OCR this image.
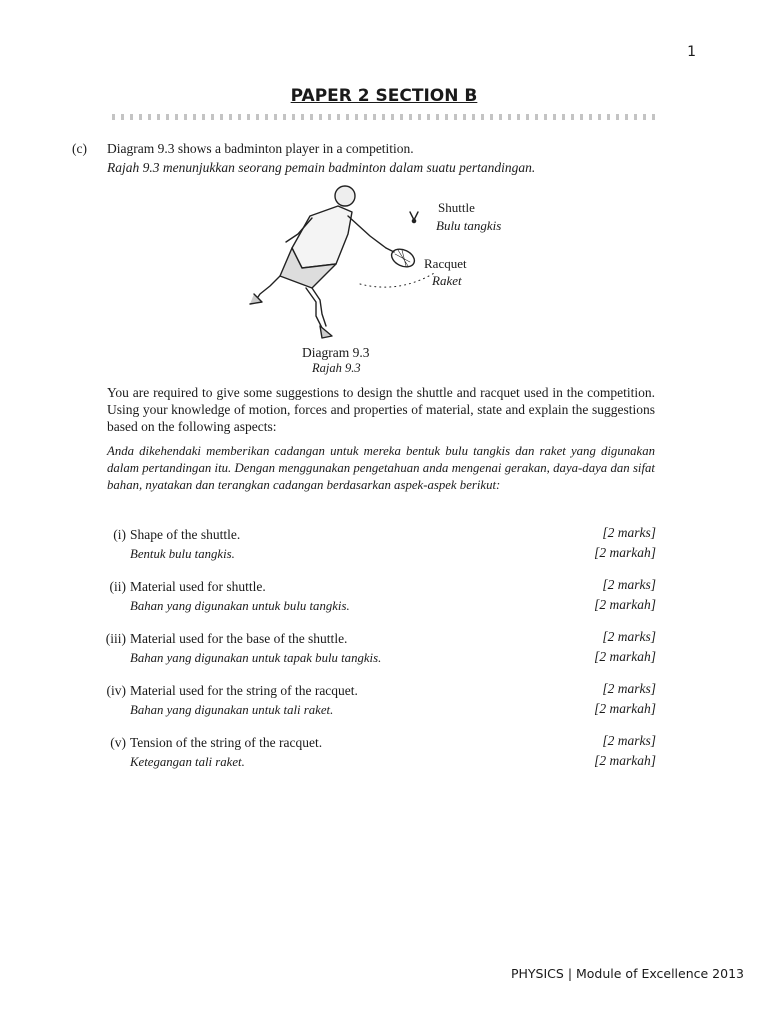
1
PAPER 2 SECTION B
(c) Diagram 9.3 shows a badminton player in a competition.
Rajah 9.3 menunjukkan seorang pemain badminton dalam suatu pertandingan.
Shuttle
Bulu tangkis
Racquet
Raket
Diagram 9.3
Rajah 9.3
You are required to give some suggestions to design the shuttle and racquet used in the competition. Using your knowledge of motion, forces and properties of material, state and explain the suggestions based on the following aspects:
Anda dikehendaki memberikan cadangan untuk mereka bentuk bulu tangkis dan raket yang digunakan dalam pertandingan itu. Dengan menggunakan pengetahuan anda mengenai gerakan, daya-daya dan sifat bahan, nyatakan dan terangkan cadangan berdasarkan aspek-aspek berikut:
(i) Shape of the shuttle.
Bentuk bulu tangkis.
[2 marks]
[2 markah]
(ii) Material used for shuttle.
Bahan yang digunakan untuk bulu tangkis.
[2 marks]
[2 markah]
(iii) Material used for the base of the shuttle.
Bahan yang digunakan untuk tapak bulu tangkis.
[2 marks]
[2 markah]
(iv) Material used for the string of the racquet.
Bahan yang digunakan untuk tali raket.
[2 marks]
[2 markah]
(v) Tension of the string of the racquet.
Ketegangan tali raket.
[2 marks]
[2 markah]
PHYSICS | Module of Excellence 2013
